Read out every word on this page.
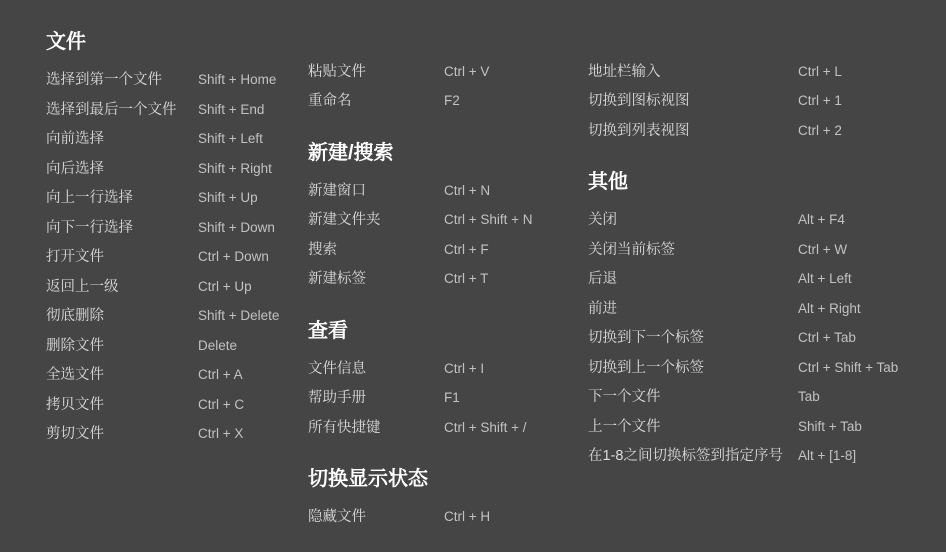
文件
选择到第一个文件	Shift + Home
选择到最后一个文件	Shift + End
向前选择	Shift + Left
向后选择	Shift + Right
向上一行选择	Shift + Up
向下一行选择	Shift + Down
打开文件	Ctrl + Down
返回上一级	Ctrl + Up
彻底删除	Shift + Delete
删除文件	Delete
全选文件	Ctrl + A
拷贝文件	Ctrl + C
剪切文件	Ctrl + X
粘贴文件	Ctrl + V
重命名	F2
新建/搜索
新建窗口	Ctrl + N
新建文件夹	Ctrl + Shift + N
搜索	Ctrl + F
新建标签	Ctrl + T
查看
文件信息	Ctrl + I
帮助手册	F1
所有快捷键	Ctrl + Shift + /
切换显示状态
隐藏文件	Ctrl + H
地址栏输入	Ctrl + L
切换到图标视图	Ctrl + 1
切换到列表视图	Ctrl + 2
其他
关闭	Alt + F4
关闭当前标签	Ctrl + W
后退	Alt + Left
前进	Alt + Right
切换到下一个标签	Ctrl + Tab
切换到上一个标签	Ctrl + Shift + Tab
下一个文件	Tab
上一个文件	Shift + Tab
在1-8之间切换标签到指定序号	Alt + [1-8]
